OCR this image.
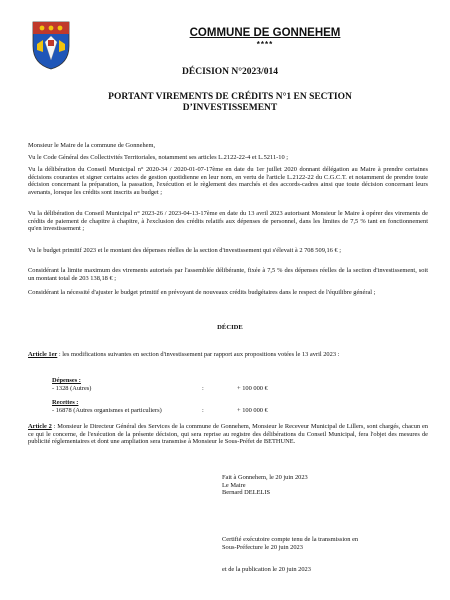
COMMUNE DE GONNEHEM
****
DÉCISION N°2023/014
PORTANT VIREMENTS DE CRÉDITS N°1 EN SECTION
D’INVESTISSEMENT
Monsieur le Maire de la commune de Gonnehem,
Vu le Code Général des Collectivités Territoriales, notamment ses articles L.2122-22-4 et L.5211-10 ;
Vu la délibération du Conseil Municipal n° 2020-34 / 2020-01-07-17ème en date du 1er juillet 2020 donnant délégation au Maire à prendre certaines décisions courantes et signer certains actes de gestion quotidienne en leur nom, en vertu de l'article L.2122-22 du C.G.C.T. et notamment de prendre toute décision concernant la préparation, la passation, l'exécution et le règlement des marchés et des accords-cadres ainsi que toute décision concernant leurs avenants, lorsque les crédits sont inscrits au budget ;
Vu la délibération du Conseil Municipal n° 2023-26 / 2023-04-13-17ème en date du 13 avril 2023 autorisant Monsieur le Maire à opérer des virements de crédits de paiement de chapitre à chapitre, à l'exclusion des crédits relatifs aux dépenses de personnel, dans les limites de 7,5 % tant en fonctionnement qu'en investissement ;
Vu le budget primitif 2023 et le montant des dépenses réelles de la section d'investissement qui s'élevait à 2 708 509,16 € ;
Considérant la limite maximum des virements autorisés par l'assemblée délibérante, fixée à 7,5 % des dépenses réelles de la section d'investissement, soit un montant total de 203 138,18 € ;
Considérant la nécessité d'ajuster le budget primitif en prévoyant de nouveaux crédits budgétaires dans le respect de l'équilibre général ;
DÉCIDE
Article 1er : les modifications suivantes en section d'investissement par rapport aux propositions votées le 13 avril 2023 :
Dépenses :
- 1328 (Autres)	:	+ 100 000 €
Recettes :
- 16878 (Autres organismes et particuliers)	:	+ 100 000 €
Article 2 : Monsieur le Directeur Général des Services de la commune de Gonnehem, Monsieur le Receveur Municipal de Lillers, sont chargés, chacun en ce qui le concerne, de l'exécution de la présente décision, qui sera reprise au registre des délibérations du Conseil Municipal, fera l'objet des mesures de publicité réglementaires et dont une ampliation sera transmise à Monsieur le Sous-Préfet de BETHUNE.
Fait à Gonnehem, le 20 juin 2023
Le Maire
Bernard DELELIS
Certifié exécutoire compte tenu de la transmission en
Sous-Préfecture le 20 juin 2023
et de la publication le 20 juin 2023
